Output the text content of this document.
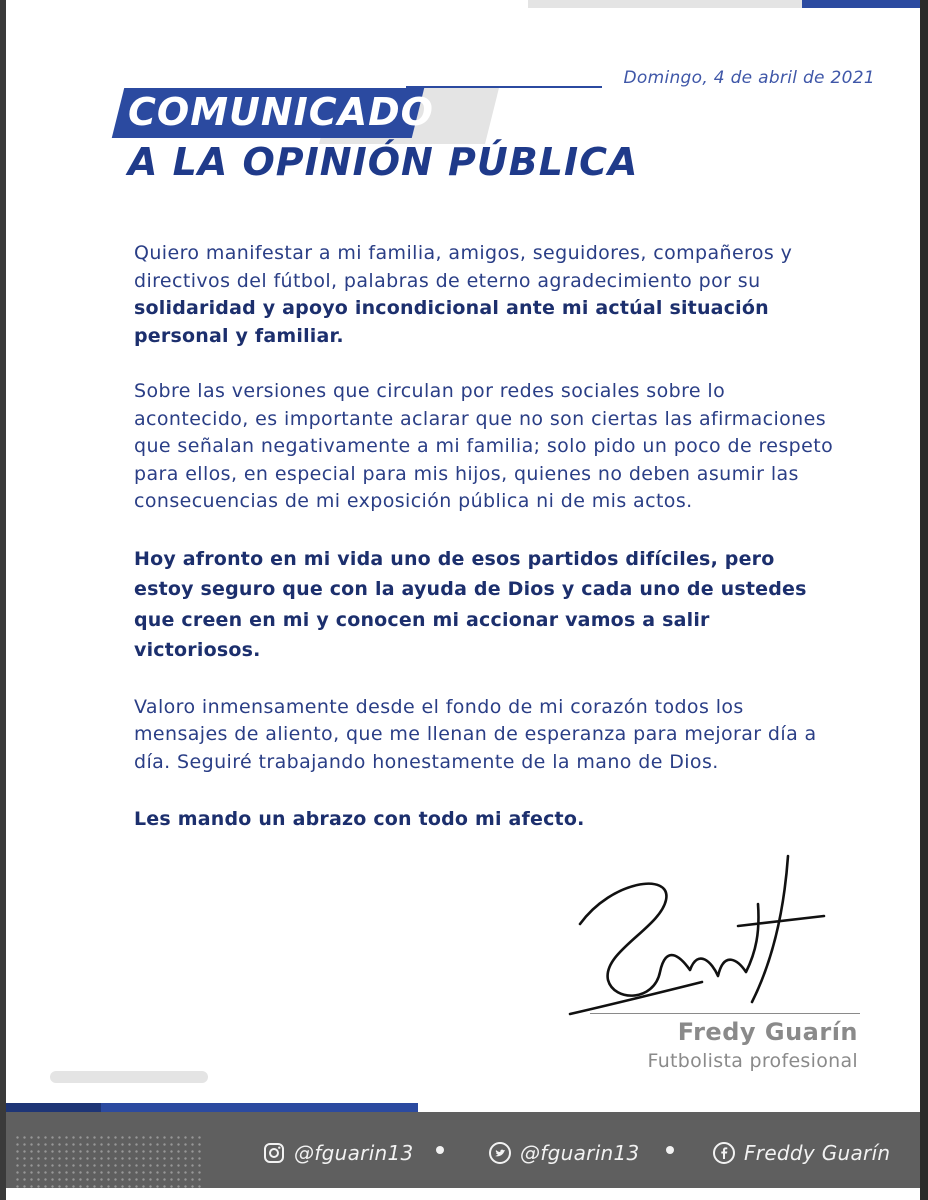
Domingo, 4 de abril de 2021
COMUNICADO
A LA OPINIÓN PÚBLICA

Quiero manifestar a mi familia, amigos, seguidores, compañeros y directivos del fútbol, palabras de eterno agradecimiento por su solidaridad y apoyo incondicional ante mi actúal situación personal y familiar.

Sobre las versiones que circulan por redes sociales sobre lo acontecido, es importante aclarar que no son ciertas las afirmaciones que señalan negativamente a mi familia; solo pido un poco de respeto para ellos, en especial para mis hijos, quienes no deben asumir las consecuencias de mi exposición pública ni de mis actos.

Hoy afronto en mi vida uno de esos partidos difíciles, pero estoy seguro que con la ayuda de Dios y cada uno de ustedes que creen en mi y conocen mi accionar vamos a salir victoriosos.

Valoro inmensamente desde el fondo de mi corazón todos los mensajes de aliento, que me llenan de esperanza para mejorar día a día. Seguiré trabajando honestamente de la mano de Dios.

Les mando un abrazo con todo mi afecto.

Fredy Guarín
Futbolista profesional
@fguarin13	@fguarin13	Freddy Guarín
